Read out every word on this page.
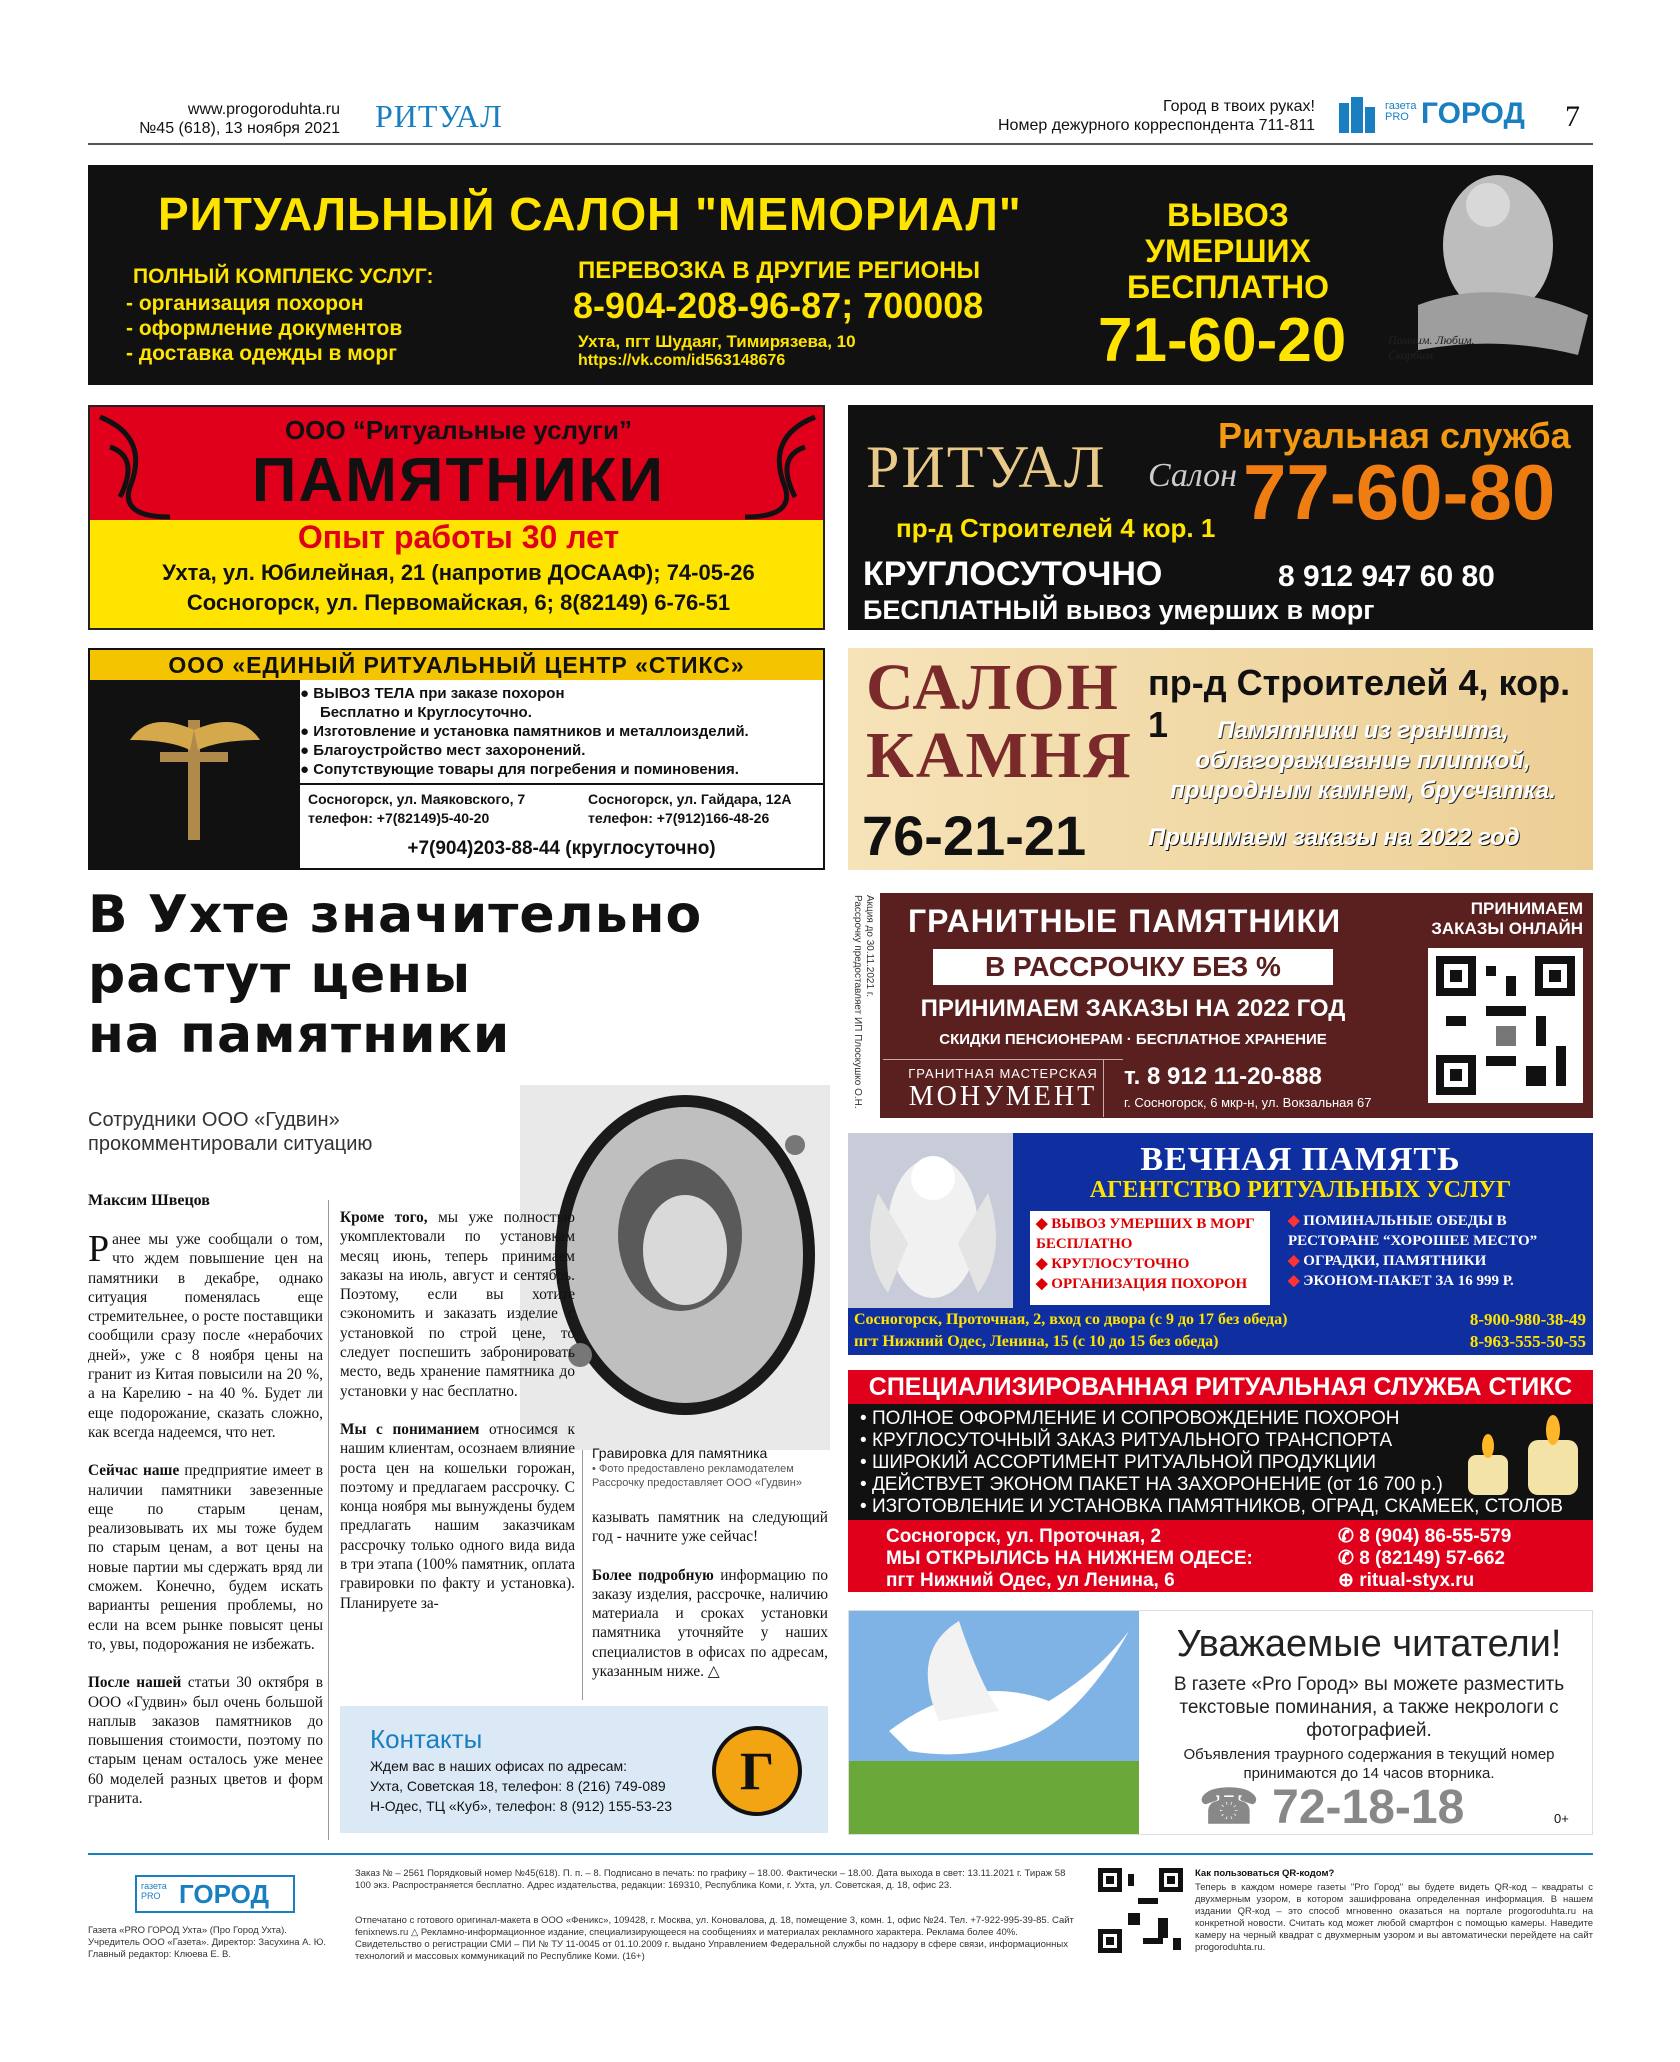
www.progoroduhta.ru
№45 (618), 13 ноября 2021 РИТУАЛ	Город в твоих руках!
Номер дежурного корреспондента 711-811
газета PRO ГОРОД 7
РИТУАЛЬНЫЙ САЛОН "МЕМОРИАЛ"
ПОЛНЫЙ КОМПЛЕКС УСЛУГ:
- организация похорон
- оформление документов
- доставка одежды в морг
ПЕРЕВОЗКА В ДРУГИЕ РЕГИОНЫ
8-904-208-96-87; 700008
Ухта, пгт Шудаяг, Тимирязева, 10
https://vk.com/id563148676
ВЫВОЗ
УМЕРШИХ
БЕСПЛАТНО
71-60-20	Помним. Любим. Скорбим.
ООО “Ритуальные услуги”
ПАМЯТНИКИ
Опыт работы 30 лет
Ухта, ул. Юбилейная, 21 (напротив ДОСААФ); 74-05-26
Сосногорск, ул. Первомайская, 6; 8(82149) 6-76-51
РИТУАЛ Салон
Ритуальная служба
77-60-80
пр-д Строителей 4 кор. 1
КРУГЛОСУТОЧНО	8 912 947 60 80
БЕСПЛАТНЫЙ вывоз умерших в морг
ООО «ЕДИНЫЙ РИТУАЛЬНЫЙ ЦЕНТР «СТИКС»
● ВЫВОЗ ТЕЛА при заказе похорон
Бесплатно и Круглосуточно.
● Изготовление и установка памятников и металлоизделий.
● Благоустройство мест захоронений.
● Сопутствующие товары для погребения и поминовения.
Сосногорск, ул. Маяковского, 7
телефон: +7(82149)5-40-20
Сосногорск, ул. Гайдара, 12А
телефон: +7(912)166-48-26
+7(904)203-88-44 (круглосуточно)
САЛОН
КАМНЯ
пр-д Строителей 4, кор. 1	Памятники из гранита,
облагораживание плиткой,
природным камнем, брусчатка.
76-21-21	Принимаем заказы на 2022 год
В Ухте значительно
растут цены
на памятники
Сотрудники ООО «Гудвин» прокомментировали ситуацию
Максим Швецов
Гравировка для памятника
• Фото предоставлено рекламодателем
Рассрочку предоставляет ООО «Гудвин»

Ранее мы уже сообщали о том, что ждем повышение цен на памятники в декабре, однако ситуация поменялась еще стремительнее, о росте поставщики сообщили сразу после «нерабочих дней», уже с 8 ноября цены на гранит из Китая повысили на 20 %, а на Карелию - на 40 %. Будет ли еще подорожание, сказать сложно, как всегда надеемся, что нет.

Сейчас наше предприятие имеет в наличии памятники завезенные еще по старым ценам, реализовывать их мы тоже будем по старым ценам, а вот цены на новые партии мы сдержать вряд ли сможем. Конечно, будем искать варианты решения проблемы, но если на всем рынке повысят цены то, увы, подорожания не избежать.

После нашей статьи 30 октября в ООО «Гудвин» был очень большой наплыв заказов памятников до повышения стоимости, поэтому по старым ценам осталось уже менее 60 моделей разных цветов и форм гранита.

Кроме того, мы уже полностью укомплектовали по установкам месяц июнь, теперь принимаем заказы на июль, август и сентябрь. Поэтому, если вы хотите сэкономить и заказать изделие с установкой по строй цене, то следует поспешить забронировать место, ведь хранение памятника до установки у нас бесплатно.

Мы с пониманием относимся к нашим клиентам, осознаем влияние роста цен на кошельки горожан, поэтому и предлагаем рассрочку. С конца ноября мы вынуждены будем предлагать нашим заказчикам рассрочку только одного вида вида в три этапа (100% памятник, оплата гравировки по факту и установка). Планируете за-

казывать памятник на следующий год - начните уже сейчас!

Более подробную информацию по заказу изделия, рассрочке, наличию материала и сроках установки памятника уточняйте у наших специалистов в офисах по адресам, указанным ниже. △

Контакты
Ждем вас в наших офисах по адресам:
Ухта, Советская 18, телефон: 8 (216) 749-089
Н-Одес, ТЦ «Куб», телефон: 8 (912) 155-53-23
Г
Акция до 30.11.2021 г.
Рассрочку предоставляет ИП Плоскушко О.Н. ГРАНИТНЫЕ ПАМЯТНИКИ
В РАССРОЧКУ БЕЗ %
ПРИНИМАЕМ ЗАКАЗЫ НА 2022 ГОД
СКИДКИ ПЕНСИОНЕРАМ · БЕСПЛАТНОЕ ХРАНЕНИЕ
ГРАНИТНАЯ МАСТЕРСКАЯ
МОНУМЕНТ
т. 8 912 11-20-888
г. Сосногорск, 6 мкр-н, ул. Вокзальная 67
ПРИНИМАЕМ ЗАКАЗЫ ОНЛАЙН
ВЕЧНАЯ ПАМЯТЬ
АГЕНТСТВО РИТУАЛЬНЫХ УСЛУГ
◆ ВЫВОЗ УМЕРШИХ В МОРГ БЕСПЛАТНО
◆ КРУГЛОСУТОЧНО
◆ ОРГАНИЗАЦИЯ ПОХОРОН
◆ ПОМИНАЛЬНЫЕ ОБЕДЫ В РЕСТОРАНЕ “ХОРОШЕЕ МЕСТО”
◆ ОГРАДКИ, ПАМЯТНИКИ
◆ ЭКОНОМ-ПАКЕТ ЗА 16 999 Р.
Сосногорск, Проточная, 2, вход со двора (с 9 до 17 без обеда)
пгт Нижний Одес, Ленина, 15 (с 10 до 15 без обеда)
8-900-980-38-49
8-963-555-50-55
СПЕЦИАЛИЗИРОВАННАЯ РИТУАЛЬНАЯ СЛУЖБА СТИКС
• ПОЛНОЕ ОФОРМЛЕНИЕ И СОПРОВОЖДЕНИЕ ПОХОРОН
• КРУГЛОСУТОЧНЫЙ ЗАКАЗ РИТУАЛЬНОГО ТРАНСПОРТА
• ШИРОКИЙ АССОРТИМЕНТ РИТУАЛЬНОЙ ПРОДУКЦИИ
• ДЕЙСТВУЕТ ЭКОНОМ ПАКЕТ НА ЗАХОРОНЕНИЕ (от 16 700 р.)
• ИЗГОТОВЛЕНИЕ И УСТАНОВКА ПАМЯТНИКОВ, ОГРАД, СКАМЕЕК, СТОЛОВ
Сосногорск, ул. Проточная, 2
МЫ ОТКРЫЛИСЬ НА НИЖНЕМ ОДЕСЕ:
пгт Нижний Одес, ул Ленина, 6
✆ 8 (904) 86-55-579
✆ 8 (82149) 57-662
⊕ ritual-styx.ru
Уважаемые читатели!
В газете «Pro Город» вы можете разместить текстовые поминания, а также некрологи с фотографией.
Объявления траурного содержания в текущий номер принимаются до 14 часов вторника.
☎ 72-18-18	0+
газета PRO ГОРОД
Газета «PRO ГОРОД Ухта» (Про Город Ухта). Учредитель ООО «Газета». Директор: Засухина А. Ю. Главный редактор: Клюева Е. В.
Заказ № – 2561 Порядковый номер №45(618). П. п. – 8. Подписано в печать: по графику – 18.00. Фактически – 18.00. Дата выхода в свет: 13.11.2021 г. Тираж 58 100 экз. Распространяется бесплатно. Адрес издательства, редакции: 169310, Республика Коми, г. Ухта, ул. Советская, д. 18, офис 23.
Отпечатано с готового оригинал-макета в ООО «Феникс», 109428, г. Москва, ул. Коновалова, д. 18, помещение 3, комн. 1, офис №24. Тел. +7-922-995-39-85. Сайт fenixnews.ru △ Рекламно-информационное издание, специализирующееся на сообщениях и материалах рекламного характера. Реклама более 40%. Свидетельство о регистрации СМИ – ПИ № ТУ 11-0045 от 01.10.2009 г. выдано Управлением Федеральной службы по надзору в сфере связи, информационных технологий и массовых коммуникаций по Республике Коми. (16+)
Как пользоваться QR-кодом?
Теперь в каждом номере газеты "Pro Город" вы будете видеть QR-код – квадраты с двухмерным узором, в котором зашифрована определенная информация. В нашем издании QR-код – это способ мгновенно оказаться на портале progoroduhta.ru на конкретной новости. Считать код может любой смартфон с помощью камеры. Наведите камеру на черный квадрат с двухмерным узором и вы автоматически перейдете на сайт progoroduhta.ru.
